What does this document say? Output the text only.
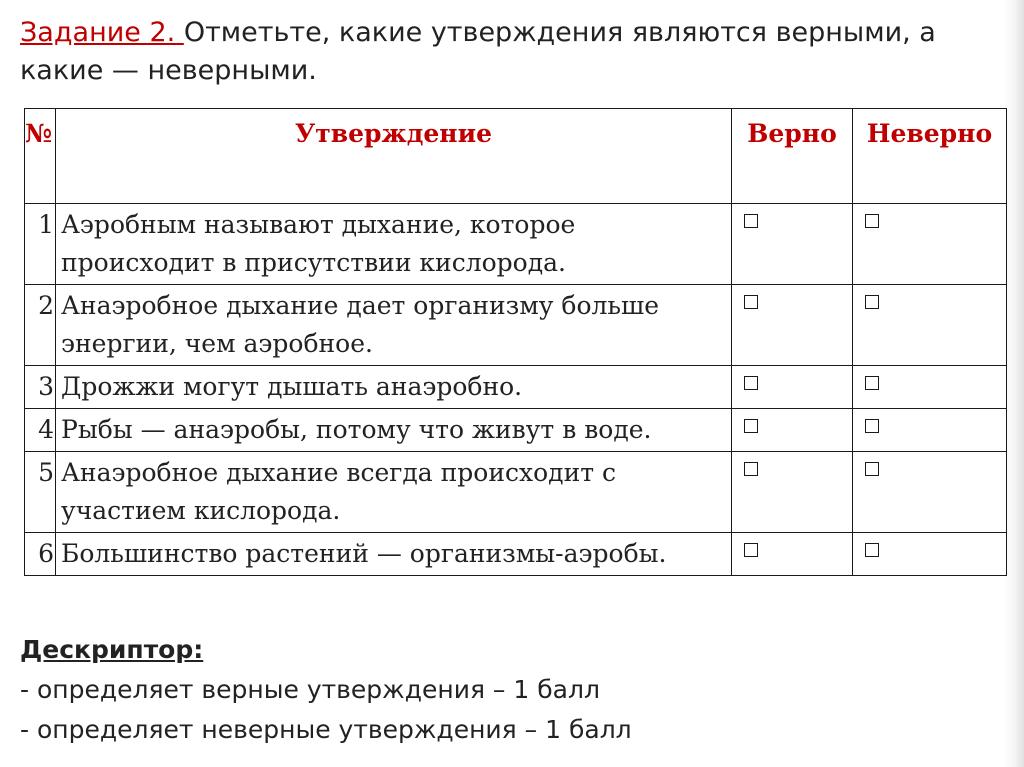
Задание 2. Отметьте, какие утверждения являются верными, а какие — неверными.
№	Утверждение	Верно	Неверно
1	Аэробным называют дыхание, которое происходит в присутствии кислорода.	

2	Анаэробное дыхание дает организму больше энергии, чем аэробное.	

3	Дрожжи могут дышать анаэробно.	

4	Рыбы — анаэробы, потому что живут в воде.	

5	Анаэробное дыхание всегда происходит с участием кислорода.	

6	Большинство растений — организмы-аэробы.	

Дескриптор:
- определяет верные утверждения – 1 балл
- определяет неверные утверждения – 1 балл
